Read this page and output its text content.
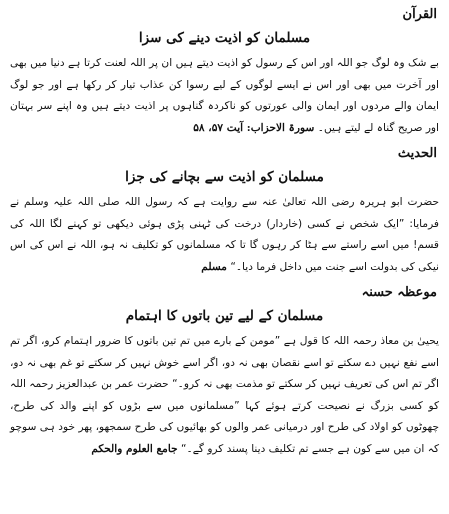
القرآن
مسلمان کو اذیت دینے کی سزا

بے شک وہ لوگ جو اللہ اور اس کے رسول کو اذیت دیتے ہیں ان پر اللہ لعنت کرتا ہے دنیا میں بھی اور آخرت میں بھی اور اس نے ایسے لوگوں کے لیے رسوا کن عذاب تیار کر رکھا ہے اور جو لوگ ایمان والے مردوں اور ایمان والی عورتوں کو ناکردہ گناہوں پر اذیت دیتے ہیں وہ اپنے سر بہتان اور صریح گناہ لے لیتے ہیں۔ سورۃ الاحزاب: آیت ۵۷، ۵۸

الحدیث
مسلمان کو اذیت سے بچانے کی جزا

حضرت ابو ہریرہ رضی اللہ تعالیٰ عنہ سے روایت ہے کہ رسول اللہ صلی اللہ علیہ وسلم نے فرمایا: ”ایک شخص نے کسی (خاردار) درخت کی ٹہنی پڑی ہوئی دیکھی تو کہنے لگا اللہ کی قسم! میں اسے راستے سے ہٹا کر رہوں گا تا کہ مسلمانوں کو تکلیف نہ ہو، اللہ نے اس کی اس نیکی کی بدولت اسے جنت میں داخل فرما دیا۔“ مسلم

موعظہ حسنہ
مسلمان کے لیے تین باتوں کا اہتمام

یحییٰ بن معاذ رحمہ اللہ کا قول ہے ”مومن کے بارے میں تم تین باتوں کا ضرور اہتمام کرو، اگر تم اسے نفع نہیں دے سکتے تو اسے نقصان بھی نہ دو، اگر اسے خوش نہیں کر سکتے تو غم بھی نہ دو، اگر تم اس کی تعریف نہیں کر سکتے تو مذمت بھی نہ کرو۔“ حضرت عمر بن عبدالعزیز رحمہ اللہ کو کسی بزرگ نے نصیحت کرتے ہوئے کہا ”مسلمانوں میں سے بڑوں کو اپنے والد کی طرح، چھوٹوں کو اولاد کی طرح اور درمیانی عمر والوں کو بھائیوں کی طرح سمجھو، پھر خود ہی سوچو کہ ان میں سے کون ہے جسے تم تکلیف دینا پسند کرو گے۔“ جامع العلوم والحکم
